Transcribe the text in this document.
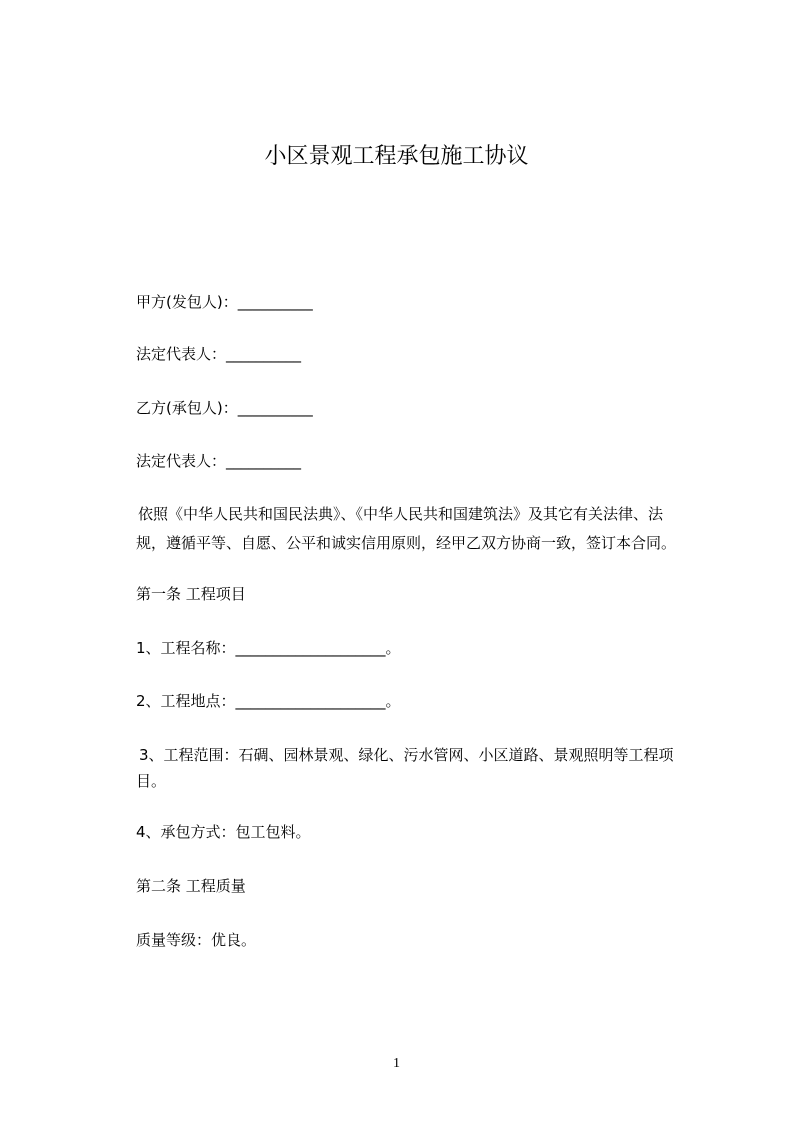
小区景观工程承包施工协议
甲方(发包人)：__________
法定代表人：__________
乙方(承包人)：__________
法定代表人：__________
依照《中华人民共和国民法典》、《中华人民共和国建筑法》及其它有关法律、法
规，遵循平等、自愿、公平和诚实信用原则，经甲乙双方协商一致，签订本合同。
第一条 工程项目
1、工程名称：____________________。
2、工程地点：____________________。
3、工程范围：石碉、园林景观、绿化、污水管网、小区道路、景观照明等工程项
目。
4、承包方式：包工包料。
第二条 工程质量
质量等级：优良。
1
